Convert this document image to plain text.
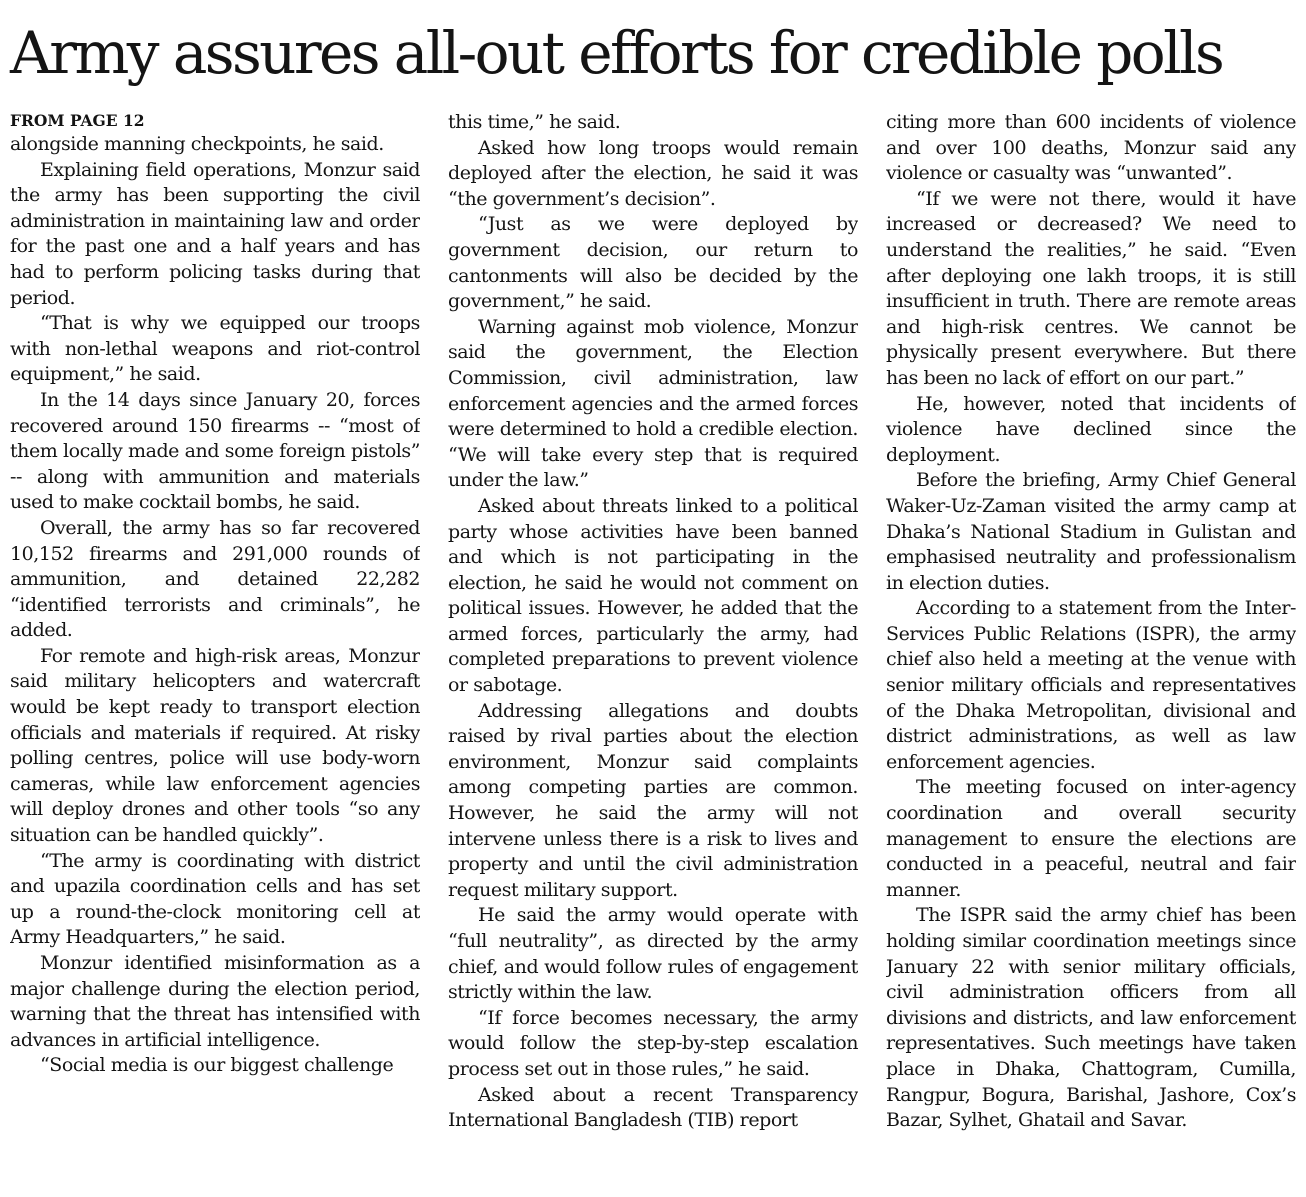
Army assures all-out efforts for credible polls
FROM PAGE 12

alongside manning checkpoints, he said.

Explaining field operations, Monzur said the army has been supporting the civil administration in maintaining law and order for the past one and a half years and has had to perform policing tasks during that period.

“That is why we equipped our troops with non-lethal weapons and riot-control equipment,” he said.

In the 14 days since January 20, forces recovered around 150 firearms -- “most of them locally made and some foreign pistols” -- along with ammunition and materials used to make cocktail bombs, he said.

Overall, the army has so far recovered 10,152 firearms and 291,000 rounds of ammunition, and detained 22,282 “identified terrorists and criminals”, he added.

For remote and high-risk areas, Monzur said military helicopters and watercraft would be kept ready to transport election officials and materials if required. At risky polling centres, police will use body-worn cameras, while law enforcement agencies will deploy drones and other tools “so any situation can be handled quickly”.

“The army is coordinating with district and upazila coordination cells and has set up a round-the-clock monitoring cell at Army Headquarters,” he said.

Monzur identified misinformation as a major challenge during the election period, warning that the threat has intensified with advances in artificial intelligence.

“Social media is our biggest challenge

this time,” he said.

Asked how long troops would remain deployed after the election, he said it was “the government’s decision”.

“Just as we were deployed by government decision, our return to cantonments will also be decided by the government,” he said.

Warning against mob violence, Monzur said the government, the Election Commission, civil administration, law enforcement agencies and the armed forces were determined to hold a credible election. “We will take every step that is required under the law.”

Asked about threats linked to a political party whose activities have been banned and which is not participating in the election, he said he would not comment on political issues. However, he added that the armed forces, particularly the army, had completed preparations to prevent violence or sabotage.

Addressing allegations and doubts raised by rival parties about the election environment, Monzur said complaints among competing parties are common. However, he said the army will not intervene unless there is a risk to lives and property and until the civil administration request military support.

He said the army would operate with “full neutrality”, as directed by the army chief, and would follow rules of engagement strictly within the law.

“If force becomes necessary, the army would follow the step-by-step escalation process set out in those rules,” he said.

Asked about a recent Transparency International Bangladesh (TIB) report

citing more than 600 incidents of violence and over 100 deaths, Monzur said any violence or casualty was “unwanted”.

“If we were not there, would it have increased or decreased? We need to understand the realities,” he said. “Even after deploying one lakh troops, it is still insufficient in truth. There are remote areas and high-risk centres. We cannot be physically present everywhere. But there has been no lack of effort on our part.”

He, however, noted that incidents of violence have declined since the deployment.

Before the briefing, Army Chief General Waker-Uz-Zaman visited the army camp at Dhaka’s National Stadium in Gulistan and emphasised neutrality and professionalism in election duties.

According to a statement from the Inter-Services Public Relations (ISPR), the army chief also held a meeting at the venue with senior military officials and representatives of the Dhaka Metropolitan, divisional and district administrations, as well as law enforcement agencies.

The meeting focused on inter-agency coordination and overall security management to ensure the elections are conducted in a peaceful, neutral and fair manner.

The ISPR said the army chief has been holding similar coordination meetings since January 22 with senior military officials, civil administration officers from all divisions and districts, and law enforcement representatives. Such meetings have taken place in Dhaka, Chattogram, Cumilla, Rangpur, Bogura, Barishal, Jashore, Cox’s Bazar, Sylhet, Ghatail and Savar.
